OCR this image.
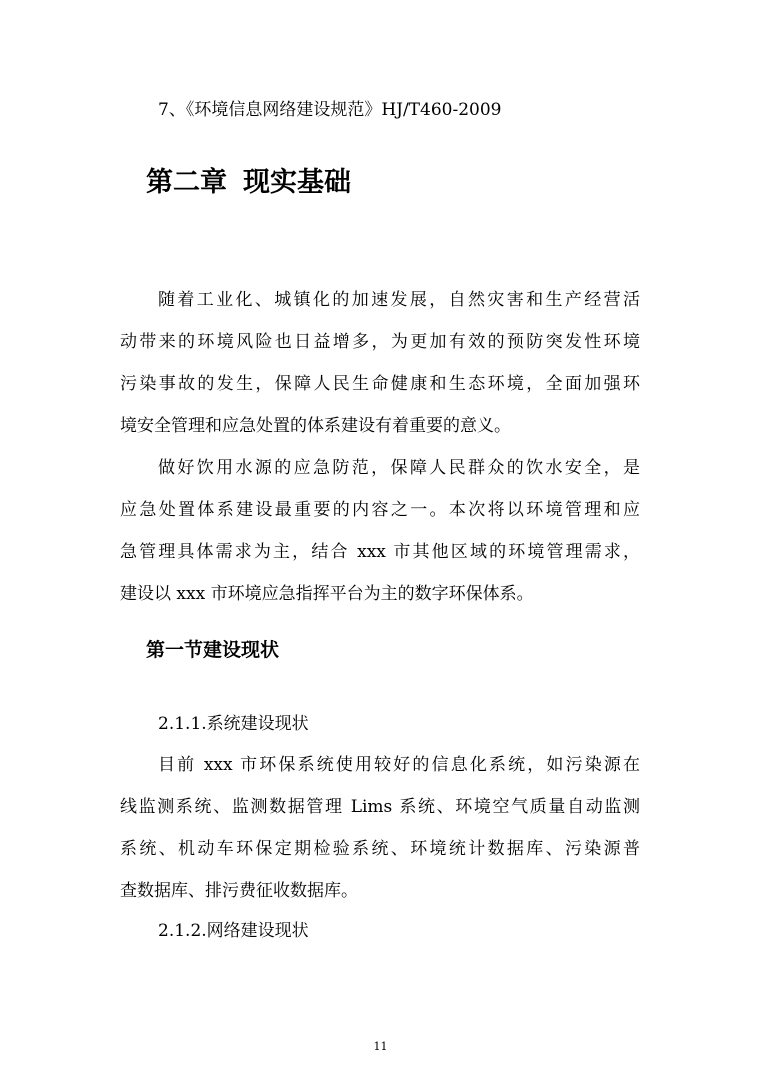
7、《环境信息网络建设规范》HJ/T460-2009
第二章 现实基础
随着工业化、城镇化的加速发展，自然灾害和生产经营活
动带来的环境风险也日益增多，为更加有效的预防突发性环境
污染事故的发生，保障人民生命健康和生态环境，全面加强环
境安全管理和应急处置的体系建设有着重要的意义。
做好饮用水源的应急防范，保障人民群众的饮水安全，是
应急处置体系建设最重要的内容之一。本次将以环境管理和应
急管理具体需求为主，结合 xxx 市其他区域的环境管理需求，
建设以 xxx 市环境应急指挥平台为主的数字环保体系。
第一节建设现状
2.1.1.系统建设现状
目前 xxx 市环保系统使用较好的信息化系统，如污染源在
线监测系统、监测数据管理 Lims 系统、环境空气质量自动监测
系统、机动车环保定期检验系统、环境统计数据库、污染源普
查数据库、排污费征收数据库。
2.1.2.网络建设现状
11
